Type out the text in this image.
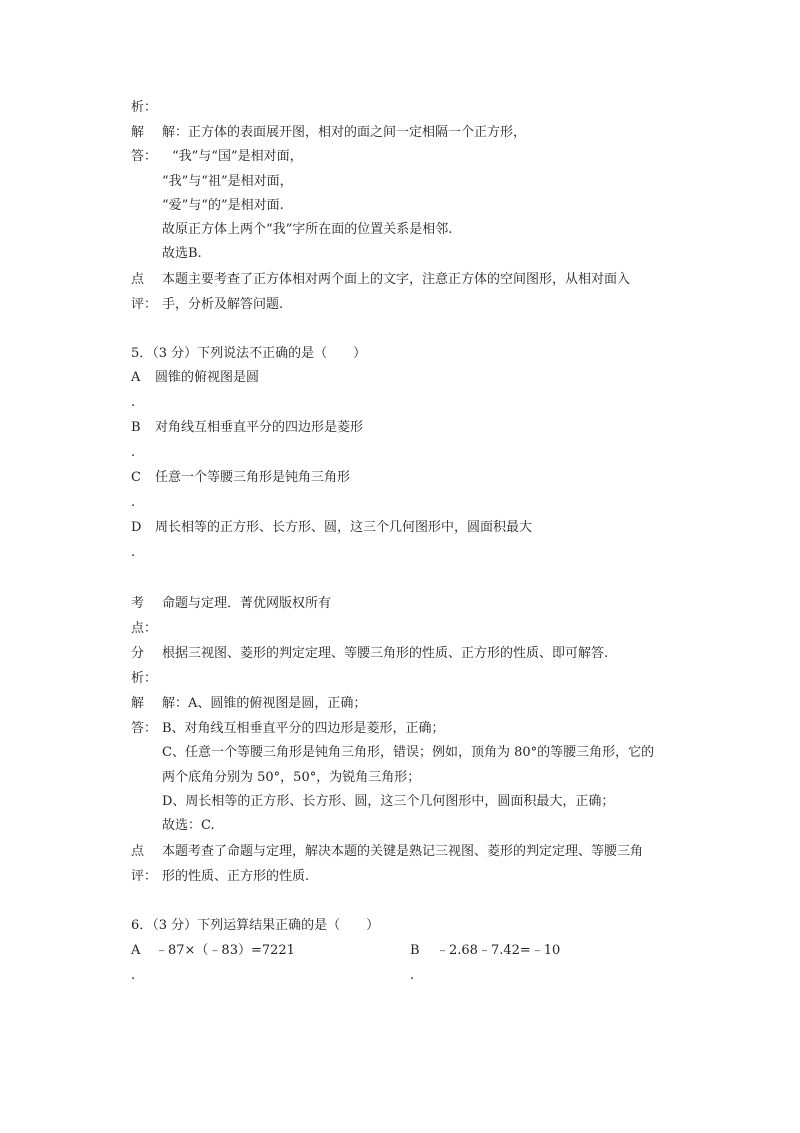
析：
解 解：正方体的表面展开图，相对的面之间一定相隔一个正方形，
答： “我”与“国”是相对面，
“我”与“祖”是相对面，
“爱”与“的”是相对面.
故原正方体上两个“我”字所在面的位置关系是相邻.
故选B.
点 本题主要考查了正方体相对两个面上的文字，注意正方体的空间图形，从相对面入
评： 手，分析及解答问题.
5．（3 分）下列说法不正确的是（　　）
A 圆锥的俯视图是圆
.
B 对角线互相垂直平分的四边形是菱形
.
C 任意一个等腰三角形是钝角三角形
.
D 周长相等的正方形、长方形、圆，这三个几何图形中，圆面积最大
.
考 命题与定理．菁优网版权所有
点：
分 根据三视图、菱形的判定定理、等腰三角形的性质、正方形的性质、即可解答.
析：
解 解：A、圆锥的俯视图是圆，正确；
答： B、对角线互相垂直平分的四边形是菱形，正确；
C、任意一个等腰三角形是钝角三角形，错误；例如，顶角为 80°的等腰三角形，它的
两个底角分别为 50°，50°，为锐角三角形；
D、周长相等的正方形、长方形、圆，这三个几何图形中，圆面积最大，正确；
故选：C.
点 本题考查了命题与定理，解决本题的关键是熟记三视图、菱形的判定定理、等腰三角
评： 形的性质、正方形的性质.
6．（3 分）下列运算结果正确的是（　　）
A ﹣87×（﹣83）=7221
.
B ﹣2.68﹣7.42=﹣10
.
